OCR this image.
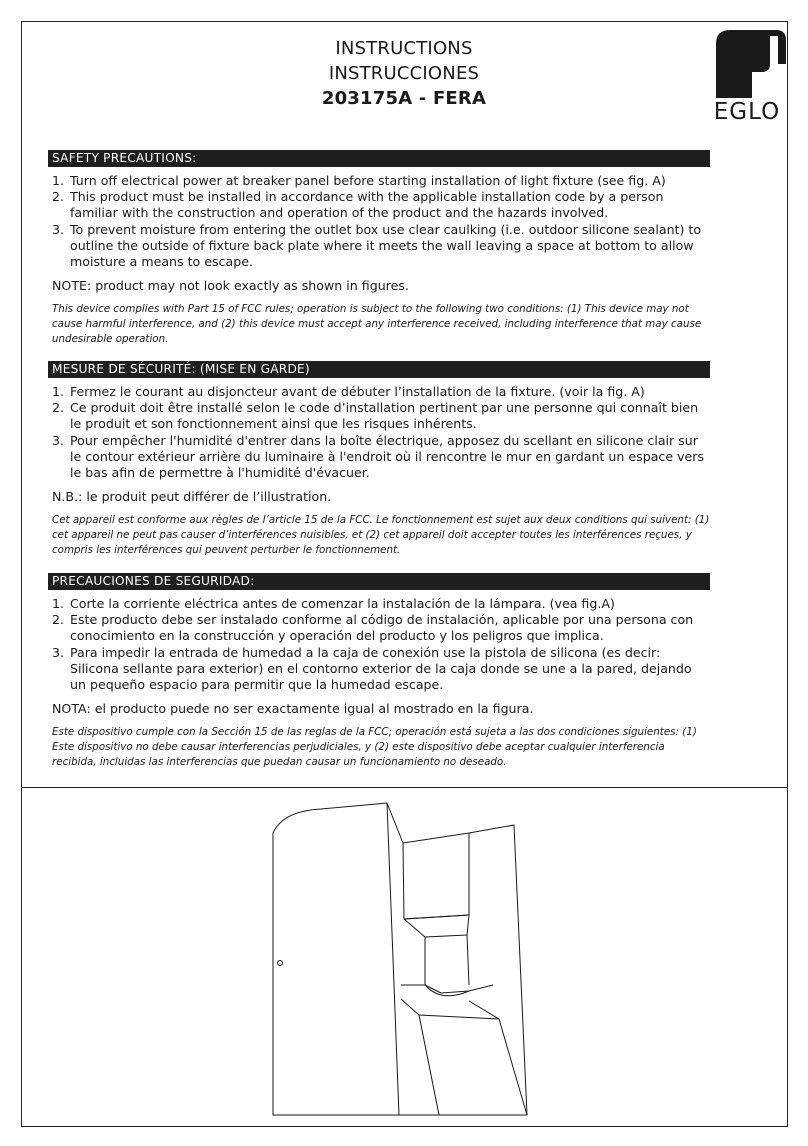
INSTRUCTIONS
INSTRUCCIONES
203175A - FERA
EGLO
SAFETY PRECAUTIONS:
1. Turn off electrical power at breaker panel before starting installation of light fixture (see fig. A)
2. This product must be installed in accordance with the applicable installation code by a person familiar with the construction and operation of the product and the hazards involved.
3. To prevent moisture from entering the outlet box use clear caulking (i.e. outdoor silicone sealant) to outline the outside of fixture back plate where it meets the wall leaving a space at bottom to allow moisture a means to escape.
NOTE: product may not look exactly as shown in figures.
This device complies with Part 15 of FCC rules; operation is subject to the following two conditions: (1) This device may not cause harmful interference, and (2) this device must accept any interference received, including interference that may cause undesirable operation.
MESURE DE SÉCURITÉ: (MISE EN GARDE)
1. Fermez le courant au disjoncteur avant de débuter l’installation de la fixture. (voir la fig. A)
2. Ce produit doit être installé selon le code d’installation pertinent par une personne qui connaît bien le produit et son fonctionnement ainsi que les risques inhérents.
3. Pour empêcher l'humidité d'entrer dans la boîte électrique, apposez du scellant en silicone clair sur le contour extérieur arrière du luminaire à l'endroit où il rencontre le mur en gardant un espace vers le bas afin de permettre à l'humidité d'évacuer.
N.B.: le produit peut différer de l’illustration.
Cet appareil est conforme aux règles de l’article 15 de la FCC. Le fonctionnement est sujet aux deux conditions qui suivent: (1) cet appareil ne peut pas causer d’interférences nuisibles, et (2) cet appareil doit accepter toutes les interférences reçues, y compris les interférences qui peuvent perturber le fonctionnement.
PRECAUCIONES DE SEGURIDAD:
1. Corte la corriente eléctrica antes de comenzar la instalación de la lámpara. (vea fig.A)
2. Este producto debe ser instalado conforme al código de instalación, aplicable por una persona con conocimiento en la construcción y operación del producto y los peligros que implica.
3. Para impedir la entrada de humedad a la caja de conexión use la pistola de silicona (es decir: Silicona sellante para exterior) en el contorno exterior de la caja donde se une a la pared, dejando un pequeño espacio para permitir que la humedad escape.
NOTA: el producto puede no ser exactamente igual al mostrado en la figura.
Este dispositivo cumple con la Sección 15 de las reglas de la FCC; operación está sujeta a las dos condiciones siguientes: (1) Este dispositivo no debe causar interferencias perjudiciales, y (2) este dispositivo debe aceptar cualquier interferencia recibida, incluidas las interferencias que puedan causar un funcionamiento no deseado.
